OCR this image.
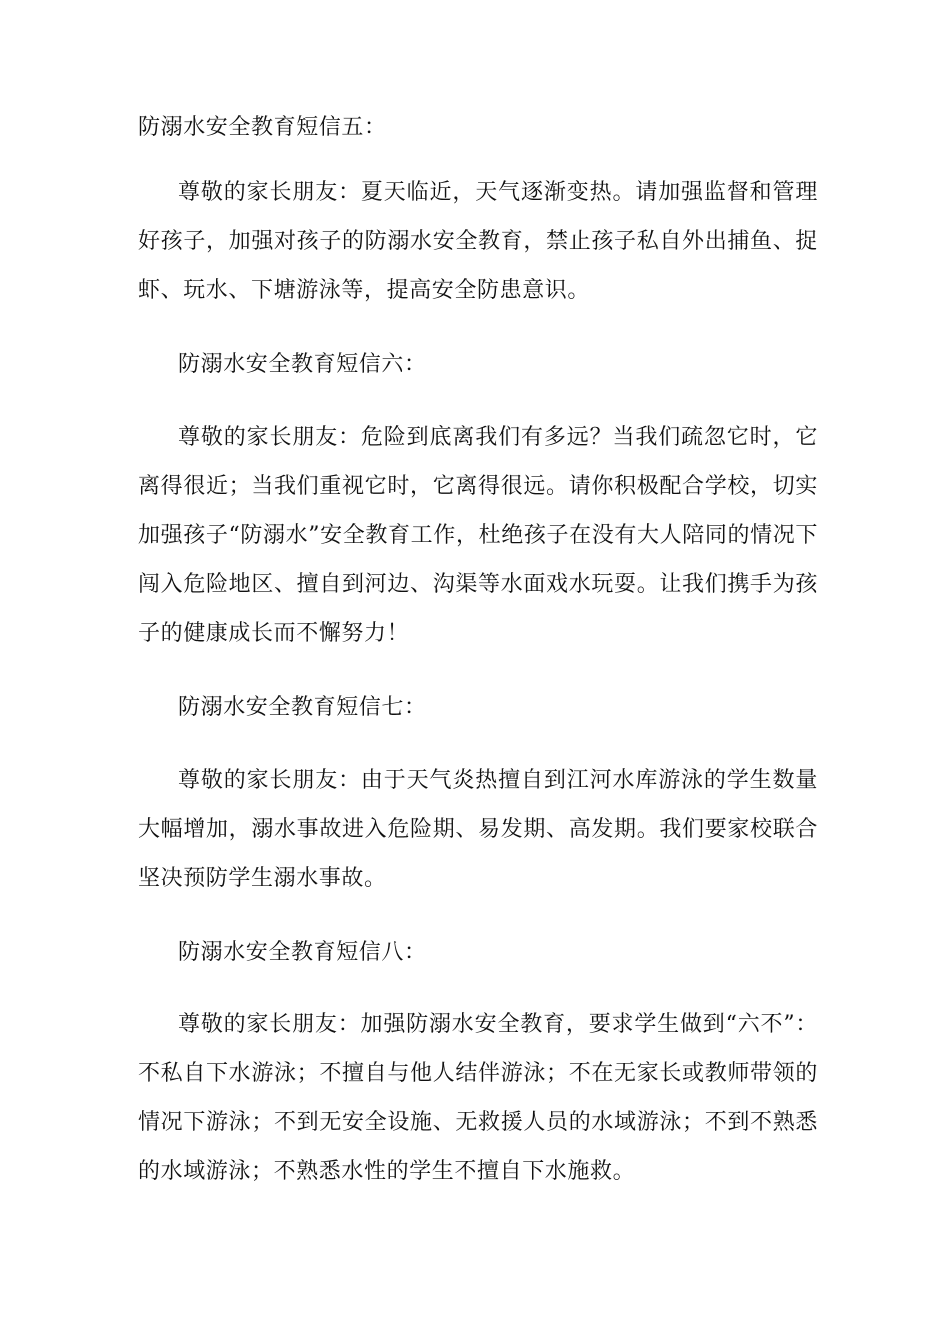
防溺水安全教育短信五：

尊敬的家长朋友：夏天临近，天气逐渐变热。请加强监督和管理好孩子，加强对孩子的防溺水安全教育，禁止孩子私自外出捕鱼、捉虾、玩水、下塘游泳等，提高安全防患意识。

防溺水安全教育短信六：

尊敬的家长朋友：危险到底离我们有多远？当我们疏忽它时，它离得很近；当我们重视它时，它离得很远。请你积极配合学校，切实加强孩子“防溺水”安全教育工作，杜绝孩子在没有大人陪同的情况下闯入危险地区、擅自到河边、沟渠等水面戏水玩耍。让我们携手为孩子的健康成长而不懈努力！

防溺水安全教育短信七：

尊敬的家长朋友：由于天气炎热擅自到江河水库游泳的学生数量大幅增加，溺水事故进入危险期、易发期、高发期。我们要家校联合坚决预防学生溺水事故。

防溺水安全教育短信八：

尊敬的家长朋友：加强防溺水安全教育，要求学生做到“六不”：不私自下水游泳；不擅自与他人结伴游泳；不在无家长或教师带领的情况下游泳；不到无安全设施、无救援人员的水域游泳；不到不熟悉的水域游泳；不熟悉水性的学生不擅自下水施救。
